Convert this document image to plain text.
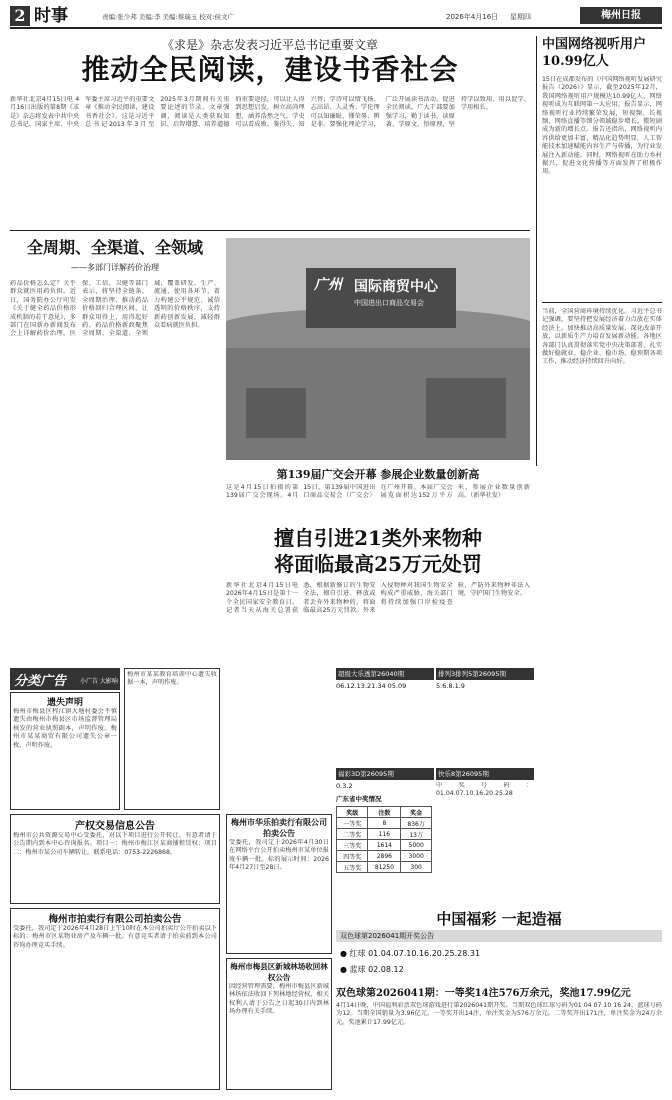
2 时事	责编:张少邦 美编:李 美编:蔡瑞玉 校对:侯文广	2026年4月16日 星期四	梅州日报
《求是》杂志发表习近平总书记重要文章
推动全民阅读，建设书香社会
新华社北京4月15日电 4月16日出版的第8期《求是》杂志将发表中共中央总书记、国家主席、中央军委主席习近平的重要文章《推动全民阅读，建设书香社会》。这是习近平总书记2013年3月至2025年3月期间有关重要论述的节录。文章强调，阅读是人类获取知识、启智增慧、培养道德的重要途径，可以让人得到思想启发，树立高尚理想，涵养浩然之气。学史可以看成败、鉴得失、知兴替；学诗可以情飞扬、志高昂、人灵秀；学伦理可以知廉耻、懂荣辱、辨是非。要强化理论学习，广泛开展读书活动，促进全民阅读。广大干部要加强学习，勤于读书，读原著、学原文、悟原理，坚持学以致用、用以促学、学用相长。
全周期、全渠道、全领域
——多部门详解药价治理
药品价格怎么定？关乎群众就医用药负担。近日，国务院办公厅印发《关于健全药品价格形成机制的若干意见》，多部门在国新办新闻发布会上详解药价治理。医保、工信、卫健等部门表示，将坚持全链条、全周期治理，推动药品价格回归合理区间，让群众用得上、用得起好药。药品价格新政聚焦全周期、全渠道、全领域，覆盖研发、生产、流通、使用各环节，着力构建公平规范、诚信透明的价格秩序，支持新药创新发展，减轻群众看病就医负担。
广州 国际商贸中心
中国进出口商品交易会
第139届广交会开幕 参展企业数量创新高
这是4月15日拍摄的第139届广交会现场。4月15日，第139届中国进出口商品交易会（广交会）在广州开幕。本届广交会展览面积达152万平方米，参展企业数量创新高。（新华社发）
擅自引进21类外来物种
将面临最高25万元处罚
新华社北京4月15日电 2026年4月15日是第十一个全民国家安全教育日。记者当天从海关总署获悉，根据新修订的生物安全法，擅自引进、释放或者丢弃外来物种的，将面临最高25万元罚款。外来入侵物种对我国生物安全构成严重威胁，海关部门将持续加强口岸检疫查验，严防外来物种非法入境，守护国门生物安全。
中国网络视听用户10.99亿人
15日在成都发布的《中国网络视听发展研究报告（2026）》显示，截至2025年12月，我国网络视听用户规模达10.99亿人，网络视听成为互联网第一大应用。报告显示，网络视听行业持续繁荣发展，短视频、长视频、网络直播等细分领域稳步增长，微短剧成为新的增长点。报告还指出，网络视听内容供给更加丰富，精品化趋势明显，人工智能技术加速赋能内容生产与传播，为行业发展注入新动能。同时，网络视听在助力乡村振兴、促进文化传播等方面发挥了积极作用。
当前，全国营商环境持续优化。习近平总书记强调，要坚持把发展经济着力点放在实体经济上。加快推动高质量发展，深化改革开放，以新质生产力培育发展新动能。各地区各部门认真贯彻落实党中央决策部署，扎实做好稳就业、稳企业、稳市场、稳预期各项工作，推动经济持续回升向好。
分类广告 小广告 大影响
遗失声明
梅州市梅县区程江镇大塘村委会不慎遗失由梅州市梅县区市场监督管理局核发的营业执照副本，声明作废。梅州市某某商贸有限公司遗失公章一枚，声明作废。
梅州市某某教育培训中心遗失收据一本，声明作废。
产权交易信息公告
梅州市公共资源交易中心受委托，对以下项目进行公开转让，有意者请于公告期内到本中心咨询报名。项目一：梅州市梅江区某商铺租赁权；项目二：梅州市某公司车辆转让。联系电话：0753-2226868。
梅州市拍卖行有限公司拍卖公告
受委托，我司定于2026年4月28日上午10时在本公司拍卖厅公开拍卖以下标的：梅州市区某物业房产及车辆一批。有意竞买者请于拍卖前到本公司咨询办理竞买手续。
梅州市华乐拍卖行有限公司拍卖公告
受委托，我司定于2026年4月30日在网络平台公开拍卖梅州市某单位报废车辆一批。标的展示时间：2026年4月27日至28日。
梅州市梅县区新城林场收回林权公告
因经营管理需要，梅州市梅县区新城林场依法收回下列林地经营权，相关权利人请于公告之日起30日内到林场办理有关手续。
超级大乐透第26040期
06.12.13.21.34 05.09
排列3排列5第26095期
5.6.8.1.9
福彩3D第26095期
0.3.2
快乐8第26095期
中奖号码：01.04.07.10.16.20.25.28
广东省中奖情况
奖级	注数	奖金
一等奖	8	836万
二等奖	116	13万
三等奖	1614	5000
四等奖	2896	3000
五等奖	81250	300
中国福彩 一起造福
双色球第2026041期开奖公告
● 红球 01.04.07.10.16.20.25.28.31
● 蓝球 02.08.12
双色球第2026041期：一等奖14注576万余元，奖池17.99亿元
4月14日晚，中国福利彩票双色球游戏进行第2026041期开奖。当期双色球红球号码为01 04 07 10 16 24，蓝球号码为12。当期全国销量为3.96亿元。一等奖开出14注，单注奖金为576万余元。二等奖开出171注，单注奖金为24万余元。奖池累计17.99亿元。
